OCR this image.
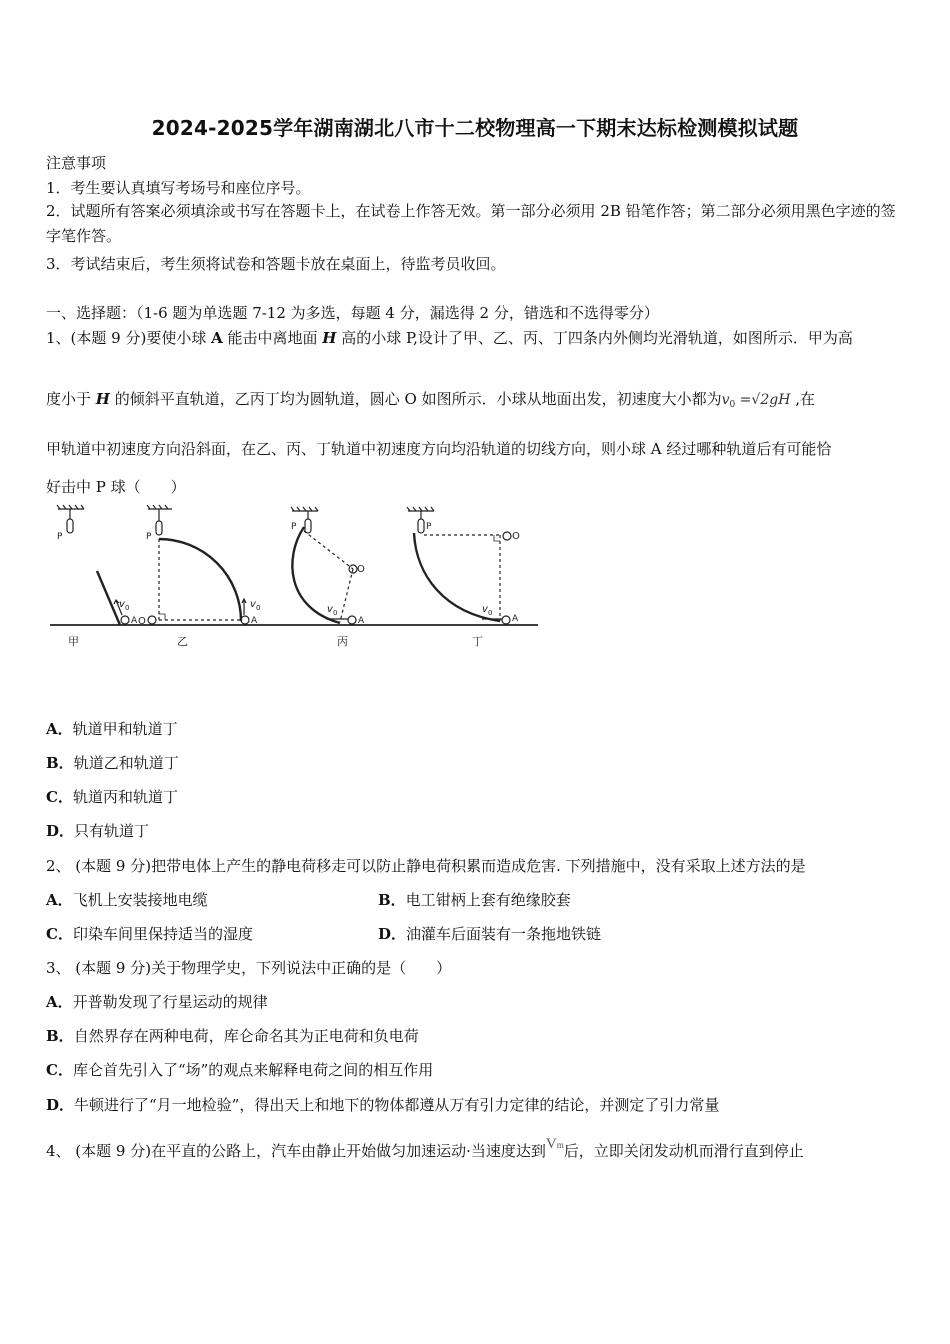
2024-2025学年湖南湖北八市十二校物理高一下期末达标检测模拟试题
注意事项
1．考生要认真填写考场号和座位序号。
2．试题所有答案必须填涂或书写在答题卡上，在试卷上作答无效。第一部分必须用 2B 铅笔作答；第二部分必须用黑色字迹的签字笔作答。
3．考试结束后，考生须将试卷和答题卡放在桌面上，待监考员收回。
一、选择题：（1-6 题为单选题 7-12 为多选，每题 4 分，漏选得 2 分，错选和不选得零分）
1、(本题 9 分)要使小球 A 能击中离地面 H 高的小球 P,设计了甲、乙、丙、丁四条内外侧均光滑轨道，如图所示．甲为高
度小于 H 的倾斜平直轨道，乙丙丁均为圆轨道，圆心 O 如图所示．小球从地面出发，初速度大小都为$v_0 =√2gH$ ,在
甲轨道中初速度方向沿斜面，在乙、丙、丁轨道中初速度方向均沿轨道的切线方向，则小球 A 经过哪种轨道后有可能恰
好击中 P 球（　　）
P	P
P	P
A	A	A	A
O
O
O
v 0	v 0	v 0	v 0
甲	乙	丙	丁
A．轨道甲和轨道丁
B．轨道乙和轨道丁
C．轨道丙和轨道丁
D．只有轨道丁
2、 (本题 9 分)把带电体上产生的静电荷移走可以防止静电荷积累而造成危害. 下列措施中，没有采取上述方法的是
A．飞机上安装接地电缆	B．电工钳柄上套有绝缘胶套
C．印染车间里保持适当的湿度	D．油灌车后面装有一条拖地铁链
3、 (本题 9 分)关于物理学史，下列说法中正确的是（　　）
A．开普勒发现了行星运动的规律
B．自然界存在两种电荷，库仑命名其为正电荷和负电荷
C．库仑首先引入了“场”的观点来解释电荷之间的相互作用
D．牛顿进行了“月一地检验”，得出天上和地下的物体都遵从万有引力定律的结论，并测定了引力常量
4、 (本题 9 分)在平直的公路上，汽车由静止开始做匀加速运动·当速度达到Vm后，立即关闭发动机而滑行直到停止
